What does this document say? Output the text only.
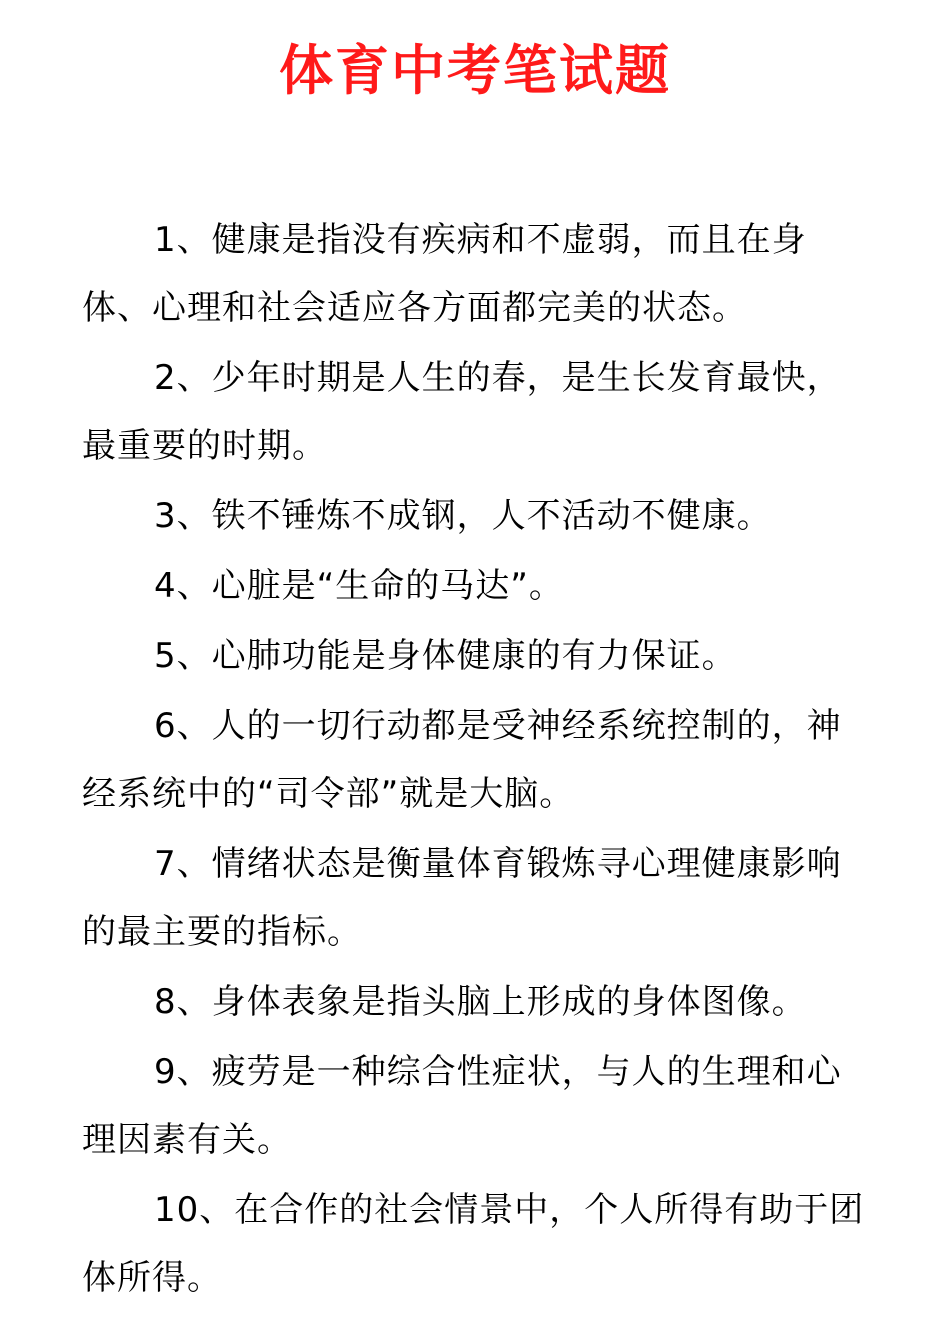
体育中考笔试题

1、健康是指没有疾病和不虚弱，而且在身体、心理和社会适应各方面都完美的状态。

2、少年时期是人生的春，是生长发育最快，最重要的时期。

3、铁不锤炼不成钢，人不活动不健康。

4、心脏是“生命的马达”。

5、心肺功能是身体健康的有力保证。

6、人的一切行动都是受神经系统控制的，神经系统中的“司令部”就是大脑。

7、情绪状态是衡量体育锻炼寻心理健康影响的最主要的指标。

8、身体表象是指头脑上形成的身体图像。

9、疲劳是一种综合性症状，与人的生理和心理因素有关。

10、在合作的社会情景中，个人所得有助于团体所得。
